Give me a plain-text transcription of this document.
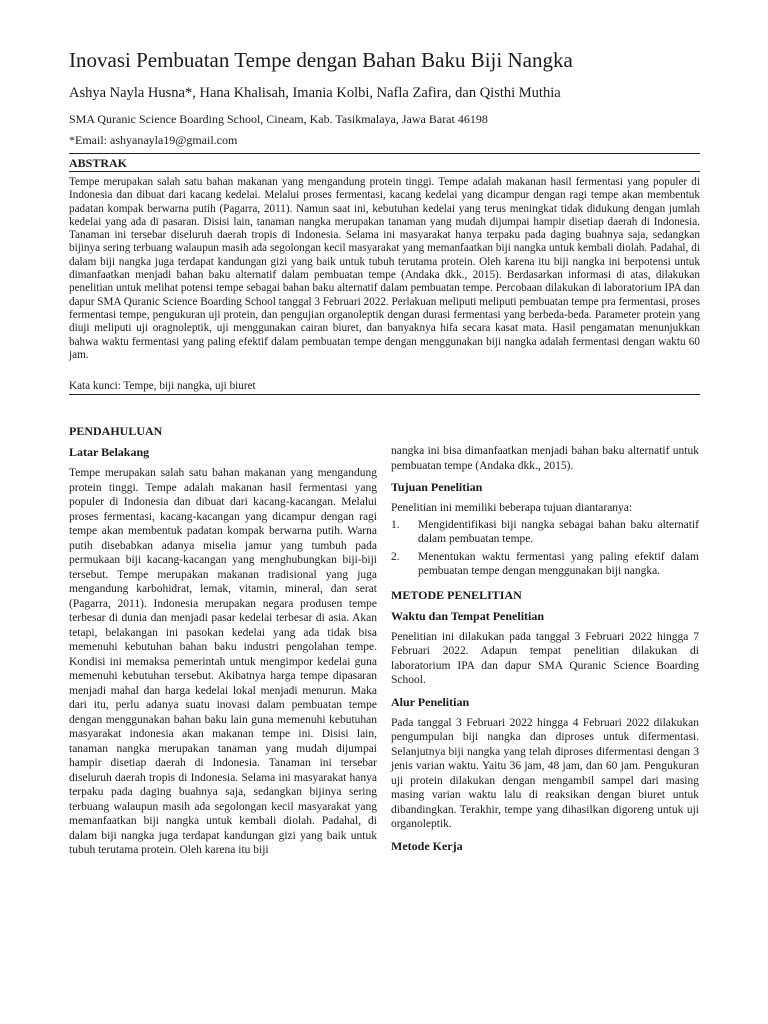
Inovasi Pembuatan Tempe dengan Bahan Baku Biji Nangka
Ashya Nayla Husna*, Hana Khalisah, Imania Kolbi, Nafla Zafira, dan Qisthi Muthia
SMA Quranic Science Boarding School, Cineam, Kab. Tasikmalaya, Jawa Barat 46198
*Email: ashyanayla19@gmail.com
ABSTRAK

Tempe merupakan salah satu bahan makanan yang mengandung protein tinggi. Tempe adalah makanan hasil fermentasi yang populer di Indonesia dan dibuat dari kacang kedelai. Melalui proses fermentasi, kacang kedelai yang dicampur dengan ragi tempe akan membentuk padatan kompak berwarna putih (Pagarra, 2011). Namun saat ini, kebutuhan kedelai yang terus meningkat tidak didukung dengan jumlah kedelai yang ada di pasaran. Disisi lain, tanaman nangka merupakan tanaman yang mudah dijumpai hampir disetiap daerah di Indonesia. Tanaman ini tersebar diseluruh daerah tropis di Indonesia. Selama ini masyarakat hanya terpaku pada daging buahnya saja, sedangkan bijinya sering terbuang walaupun masih ada segolongan kecil masyarakat yang memanfaatkan biji nangka untuk kembali diolah. Padahal, di dalam biji nangka juga terdapat kandungan gizi yang baik untuk tubuh terutama protein. Oleh karena itu biji nangka ini berpotensi untuk dimanfaatkan menjadi bahan baku alternatif dalam pembuatan tempe (Andaka dkk., 2015). Berdasarkan informasi di atas, dilakukan penelitian untuk melihat potensi tempe sebagai bahan baku alternatif dalam pembuatan tempe. Percobaan dilakukan di laboratorium IPA dan dapur SMA Quranic Science Boarding School tanggal 3 Februari 2022. Perlakuan meliputi meliputi pembuatan tempe pra fermentasi, proses fermentasi tempe, pengukuran uji protein, dan pengujian organoleptik dengan durasi fermentasi yang berbeda-beda. Parameter protein yang diuji meliputi uji oragnoleptik, uji menggunakan cairan biuret, dan banyaknya hifa secara kasat mata. Hasil pengamatan menunjukkan bahwa waktu fermentasi yang paling efektif dalam pembuatan tempe dengan menggunakan biji nangka adalah fermentasi dengan waktu 60 jam.

Kata kunci: Tempe, biji nangka, uji biuret
PENDAHULUAN
Latar Belakang

Tempe merupakan salah satu bahan makanan yang mengandung protein tinggi. Tempe adalah makanan hasil fermentasi yang populer di Indonesia dan dibuat dari kacang-kacangan. Melalui proses fermentasi, kacang-kacangan yang dicampur dengan ragi tempe akan membentuk padatan kompak berwarna putih. Warna putih disebabkan adanya miselia jamur yang tumbuh pada permukaan biji kacang-kacangan yang menghubungkan biji-biji tersebut. Tempe merupakan makanan tradisional yang juga mengandung karbohidrat, lemak, vitamin, mineral, dan serat (Pagarra, 2011). Indonesia merupakan negara produsen tempe terbesar di dunia dan menjadi pasar kedelai terbesar di asia. Akan tetapi, belakangan ini pasokan kedelai yang ada tidak bisa memenuhi kebutuhan bahan baku industri pengolahan tempe. Kondisi ini memaksa pemerintah untuk mengimpor kedelai guna memenuhi kebutuhan tersebut. Akibatnya harga tempe dipasaran menjadi mahal dan harga kedelai lokal menjadi menurun. Maka dari itu, perlu adanya suatu inovasi dalam pembuatan tempe dengan menggunakan bahan baku lain guna memenuhi kebutuhan masyarakat indonesia akan makanan tempe ini. Disisi lain, tanaman nangka merupakan tanaman yang mudah dijumpai hampir disetiap daerah di Indonesia. Tanaman ini tersebar diseluruh daerah tropis di Indonesia. Selama ini masyarakat hanya terpaku pada daging buahnya saja, sedangkan bijinya sering terbuang walaupun masih ada segolongan kecil masyarakat yang memanfaatkan biji nangka untuk kembali diolah. Padahal, di dalam biji nangka juga terdapat kandungan gizi yang baik untuk tubuh terutama protein. Oleh karena itu biji

nangka ini bisa dimanfaatkan menjadi bahan baku alternatif untuk pembuatan tempe (Andaka dkk., 2015).

Tujuan Penelitian

Penelitian ini memiliki beberapa tujuan diantaranya:

1. Mengidentifikasi biji nangka sebagai bahan baku alternatif dalam pembuatan tempe.
2. Menentukan waktu fermentasi yang paling efektif dalam pembuatan tempe dengan menggunakan biji nangka.
METODE PENELITIAN
Waktu dan Tempat Penelitian

Penelitian ini dilakukan pada tanggal 3 Februari 2022 hingga 7 Februari 2022. Adapun tempat penelitian dilakukan di laboratorium IPA dan dapur SMA Quranic Science Boarding School.

Alur Penelitian

Pada tanggal 3 Februari 2022 hingga 4 Februari 2022 dilakukan pengumpulan biji nangka dan diproses untuk difermentasi. Selanjutnya biji nangka yang telah diproses difermentasi dengan 3 jenis varian waktu. Yaitu 36 jam, 48 jam, dan 60 jam. Pengukuran uji protein dilakukan dengan mengambil sampel dari masing masing varian waktu lalu di reaksikan dengan biuret untuk dibandingkan. Terakhir, tempe yang dihasilkan digoreng untuk uji organoleptik.

Metode Kerja
